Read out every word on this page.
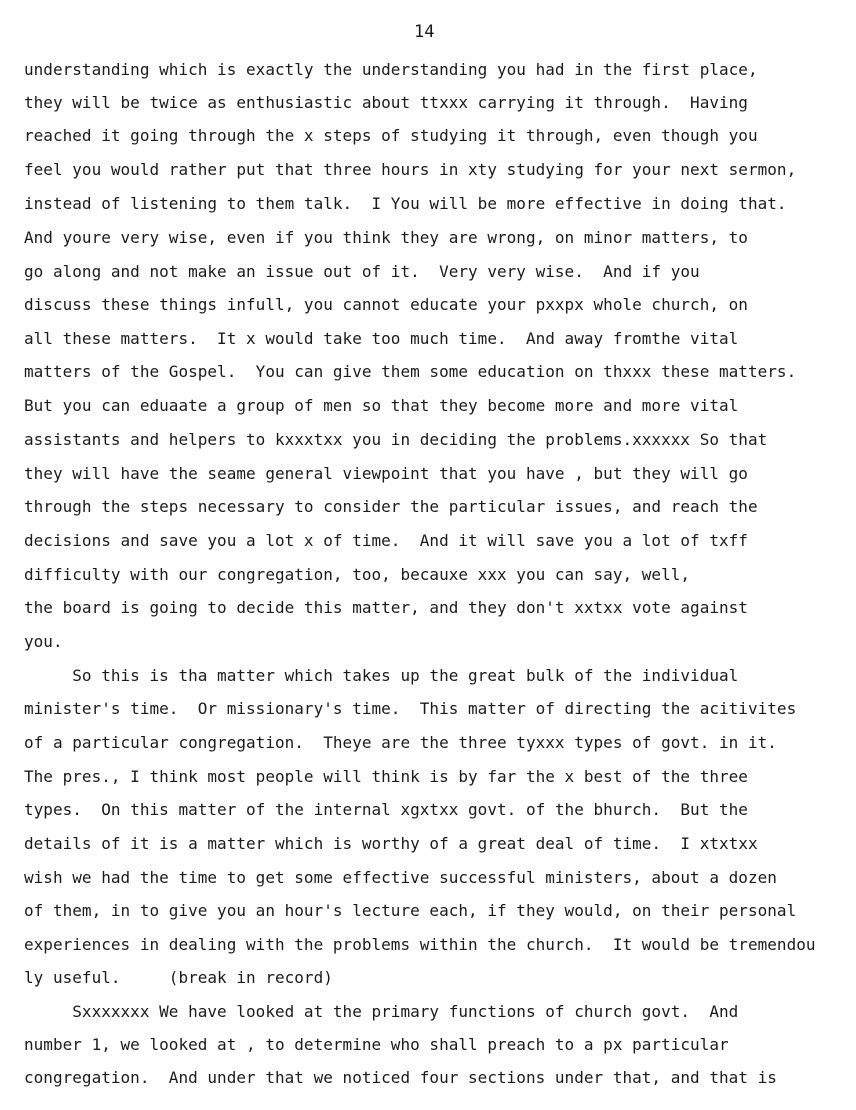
14
understanding which is exactly the understanding you had in the first place,
they will be twice as enthusiastic about ttxxx carrying it through.  Having
reached it going through the x steps of studying it through, even though you
feel you would rather put that three hours in xty studying for your next sermon,
instead of listening to them talk.  I You will be more effective in doing that.
And youre very wise, even if you think they are wrong, on minor matters, to
go along and not make an issue out of it.  Very very wise.  And if you
discuss these things infull, you cannot educate your pxxpx whole church, on
all these matters.  It x would take too much time.  And away fromthe vital
matters of the Gospel.  You can give them some education on thxxx these matters.
But you can eduaate a group of men so that they become more and more vital
assistants and helpers to kxxxtxx you in deciding the problems.xxxxxx So that
they will have the seame general viewpoint that you have , but they will go
through the steps necessary to consider the particular issues, and reach the
decisions and save you a lot x of time.  And it will save you a lot of txff
difficulty with our congregation, too, becauxe xxx you can say, well,
the board is going to decide this matter, and they don't xxtxx vote against
you.
So this is tha matter which takes up the great bulk of the individual
minister's time.  Or missionary's time.  This matter of directing the acitivites
of a particular congregation.  Theye are the three tyxxx types of govt. in it.
The pres., I think most people will think is by far the x best of the three
types.  On this matter of the internal xgxtxx govt. of the bhurch.  But the
details of it is a matter which is worthy of a great deal of time.  I xtxtxx
wish we had the time to get some effective successful ministers, about a dozen
of them, in to give you an hour's lecture each, if they would, on their personal
experiences in dealing with the problems within the church.  It would be tremendou
ly useful.     (break in record)
Sxxxxxxx We have looked at the primary functions of church govt.  And
number 1, we looked at , to determine who shall preach to a px particular
congregation.  And under that we noticed four sections under that, and that is
